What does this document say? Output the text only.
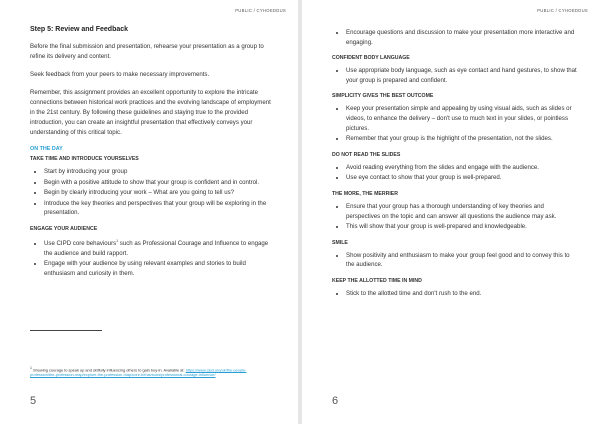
PUBLIC / CYHOEDDUS
Step 5: Review and Feedback

Before the final submission and presentation, rehearse your presentation as a group to refine its delivery and content.

Seek feedback from your peers to make necessary improvements.

Remember, this assignment provides an excellent opportunity to explore the intricate connections between historical work practices and the evolving landscape of employment in the 21st century. By following these guidelines and staying true to the provided introduction, you can create an insightful presentation that effectively conveys your understanding of this critical topic.

ON THE DAY
TAKE TIME AND INTRODUCE YOURSELVES
• Start by introducing your group
• Begin with a positive attitude to show that your group is confident and in control.
• Begin by clearly introducing your work – What are you going to tell us?
• Introduce the key theories and perspectives that your group will be exploring in the presentation.
ENGAGE YOUR AUDIENCE
• Use CIPD core behaviours$^1$ such as Professional Courage and Influence to engage the audience and build rapport.
• Engage with your audience by using relevant examples and stories to build enthusiasm and curiosity in them.
$^1$ Showing courage to speak up and skilfully influencing others to gain buy-in. Available at: https://www.cipd.org/uk/the-people-profession/the-profession-map/explore-the-profession-map/core-behaviours/professional-courage-influence/
5
PUBLIC / CYHOEDDUS
• Encourage questions and discussion to make your presentation more interactive and engaging.
CONFIDENT BODY LANGUAGE
• Use appropriate body language, such as eye contact and hand gestures, to show that your group is prepared and confident.
SIMPLICITY GIVES THE BEST OUTCOME
• Keep your presentation simple and appealing by using visual aids, such as slides or videos, to enhance the delivery – don't use to much text in your slides, or pointless pictures.
• Remember that your group is the highlight of the presentation, not the slides.
DO NOT READ THE SLIDES
• Avoid reading everything from the slides and engage with the audience.
• Use eye contact to show that your group is well-prepared.
THE MORE, THE MERRIER
• Ensure that your group has a thorough understanding of key theories and perspectives on the topic and can answer all questions the audience may ask.
• This will show that your group is well-prepared and knowledgeable.
SMILE
• Show positivity and enthusiasm to make your group feel good and to convey this to the audience.
KEEP THE ALLOTTED TIME IN MIND
• Stick to the allotted time and don't rush to the end.
6
